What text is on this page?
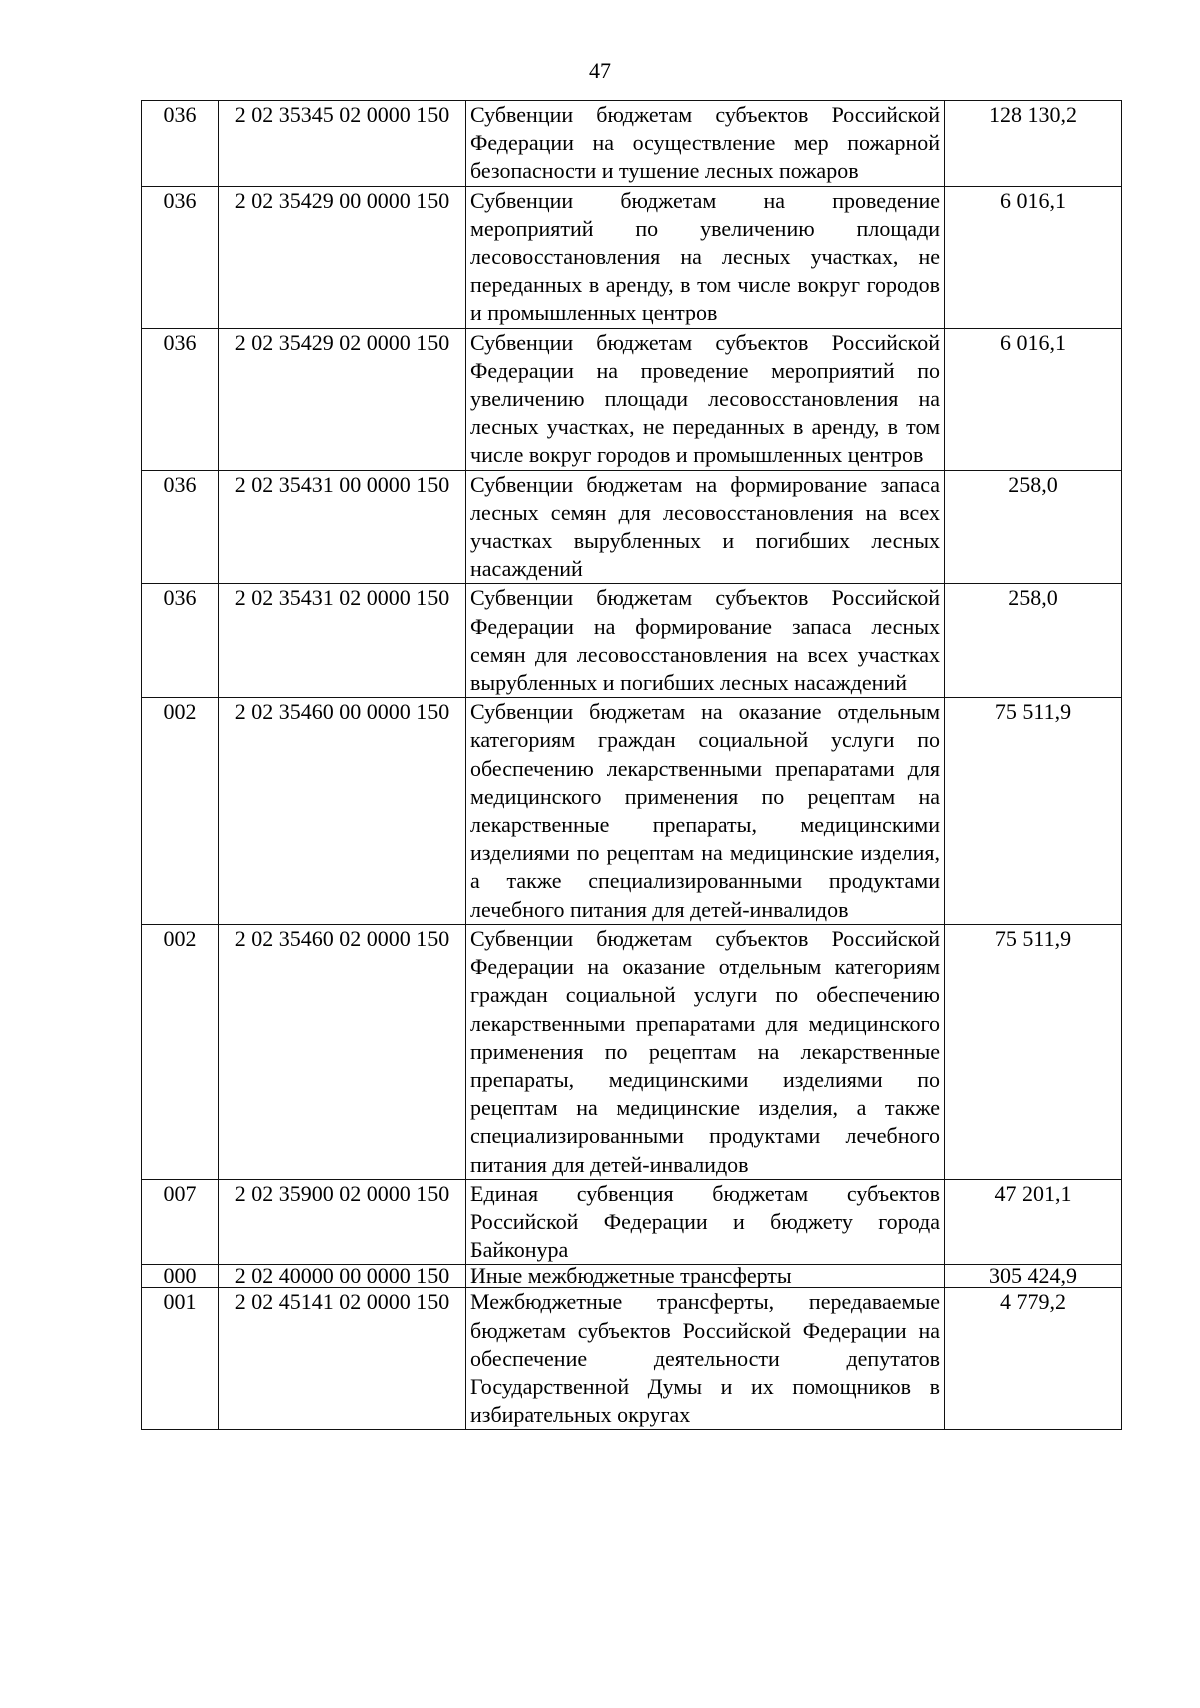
47
036	2 02 35345 02 0000 150	Субвенции бюджетам субъектов Российской Федерации на осуществление мер пожарной безопасности и тушение лесных пожаров	128 130,2
036	2 02 35429 00 0000 150	Субвенции бюджетам на проведение мероприятий по увеличению площади лесовосстановления на лесных участках, не переданных в аренду, в том числе вокруг городов и промышленных центров	6 016,1
036	2 02 35429 02 0000 150	Субвенции бюджетам субъектов Российской Федерации на проведение мероприятий по увеличению площади лесовосстановления на лесных участках, не переданных в аренду, в том числе вокруг городов и промышленных центров	6 016,1
036	2 02 35431 00 0000 150	Субвенции бюджетам на формирование запаса лесных семян для лесовосстановления на всех участках вырубленных и погибших лесных насаждений	258,0
036	2 02 35431 02 0000 150	Субвенции бюджетам субъектов Российской Федерации на формирование запаса лесных семян для лесовосстановления на всех участках вырубленных и погибших лесных насаждений	258,0
002	2 02 35460 00 0000 150	Субвенции бюджетам на оказание отдельным категориям граждан социальной услуги по обеспечению лекарственными препаратами для медицинского применения по рецептам на лекарственные препараты, медицинскими изделиями по рецептам на медицинские изделия, а также специализированными продуктами лечебного питания для детей-инвалидов	75 511,9
002	2 02 35460 02 0000 150	Субвенции бюджетам субъектов Российской Федерации на оказание отдельным категориям граждан социальной услуги по обеспечению лекарственными препаратами для медицинского применения по рецептам на лекарственные препараты, медицинскими изделиями по рецептам на медицинские изделия, а также специализированными продуктами лечебного питания для детей-инвалидов	75 511,9
007	2 02 35900 02 0000 150	Единая субвенция бюджетам субъектов Российской Федерации и бюджету города Байконура	47 201,1
000	2 02 40000 00 0000 150	Иные межбюджетные трансферты	305 424,9
001	2 02 45141 02 0000 150	Межбюджетные трансферты, передаваемые бюджетам субъектов Российской Федерации на обеспечение деятельности депутатов Государственной Думы и их помощников в избирательных округах	4 779,2
